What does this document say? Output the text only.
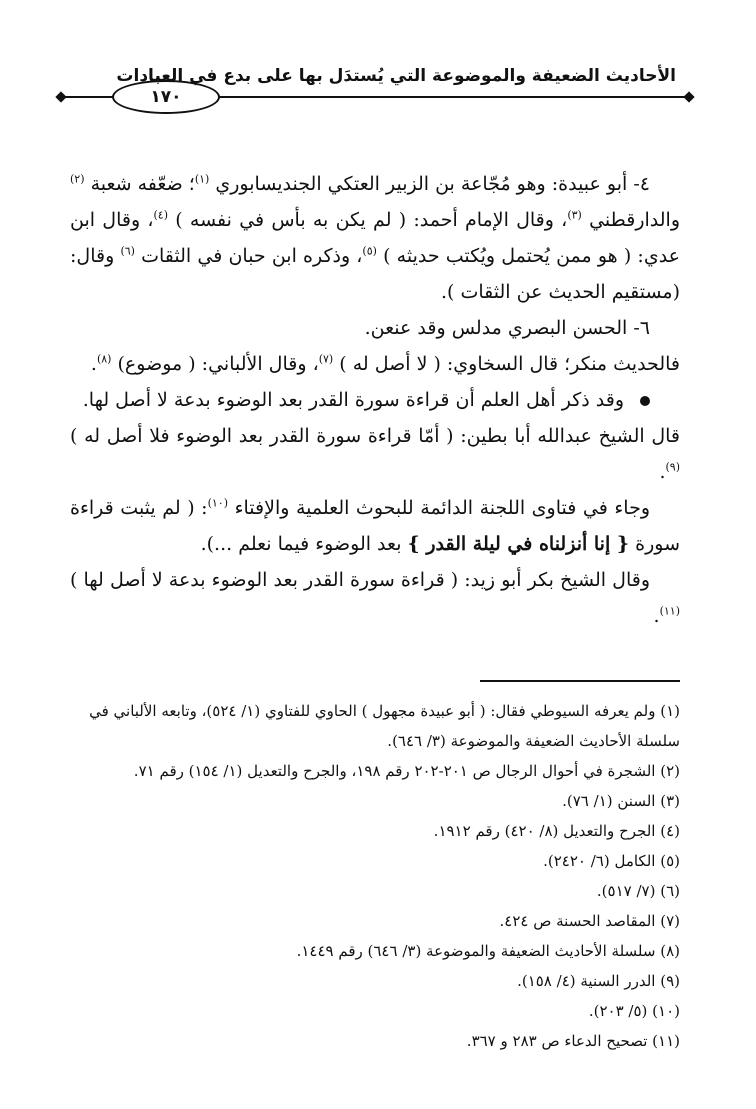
١٧٠
الأحاديث الضعيفة والموضوعة التي يُستدَل بها على بدع في العبادات

٤- أبو عبيدة: وهو مُجّاعة بن الزبير العتكي الجنديسابوري $^{(١)}$؛ ضعّفه شعبة $^{(٢)}$ والدارقطني $^{(٣)}$، وقال الإمام أحمد: ( لم يكن به بأس في نفسه ) $^{(٤)}$، وقال ابن عدي: ( هو ممن يُحتمل ويُكتب حديثه ) $^{(٥)}$، وذكره ابن حبان في الثقات $^{(٦)}$ وقال: (مستقيم الحديث عن الثقات ).

٦- الحسن البصري مدلس وقد عنعن.

فالحديث منكر؛ قال السخاوي: ( لا أصل له ) $^{(٧)}$، وقال الألباني: ( موضوع) $^{(٨)}$.

وقد ذكر أهل العلم أن قراءة سورة القدر بعد الوضوء بدعة لا أصل لها.

قال الشيخ عبدالله أبا بطين: ( أمّا قراءة سورة القدر بعد الوضوء فلا أصل له ) $^{(٩)}$.

وجاء في فتاوى اللجنة الدائمة للبحوث العلمية والإفتاء $^{(١٠)}$: ( لم يثبت قراءة سورة { إنا أنزلناه في ليلة القدر } بعد الوضوء فيما نعلم ...).

وقال الشيخ بكر أبو زيد: ( قراءة سورة القدر بعد الوضوء بدعة لا أصل لها ) $^{(١١)}$.

(١) ولم يعرفه السيوطي فقال: ( أبو عبيدة مجهول ) الحاوي للفتاوي (١/ ٥٢٤)، وتابعه الألباني في سلسلة الأحاديث الضعيفة والموضوعة (٣/ ٦٤٦).

(٢) الشجرة في أحوال الرجال ص ٢٠١-٢٠٢ رقم ١٩٨، والجرح والتعديل (١/ ١٥٤) رقم ٧١.

(٣) السنن (١/ ٧٦).

(٤) الجرح والتعديل (٨/ ٤٢٠) رقم ١٩١٢.

(٥) الكامل (٦/ ٢٤٢٠).

(٦) (٧/ ٥١٧).

(٧) المقاصد الحسنة ص ٤٢٤.

(٨) سلسلة الأحاديث الضعيفة والموضوعة (٣/ ٦٤٦) رقم ١٤٤٩.

(٩) الدرر السنية (٤/ ١٥٨).

(١٠) (٥/ ٢٠٣).

(١١) تصحيح الدعاء ص ٢٨٣ و ٣٦٧.
